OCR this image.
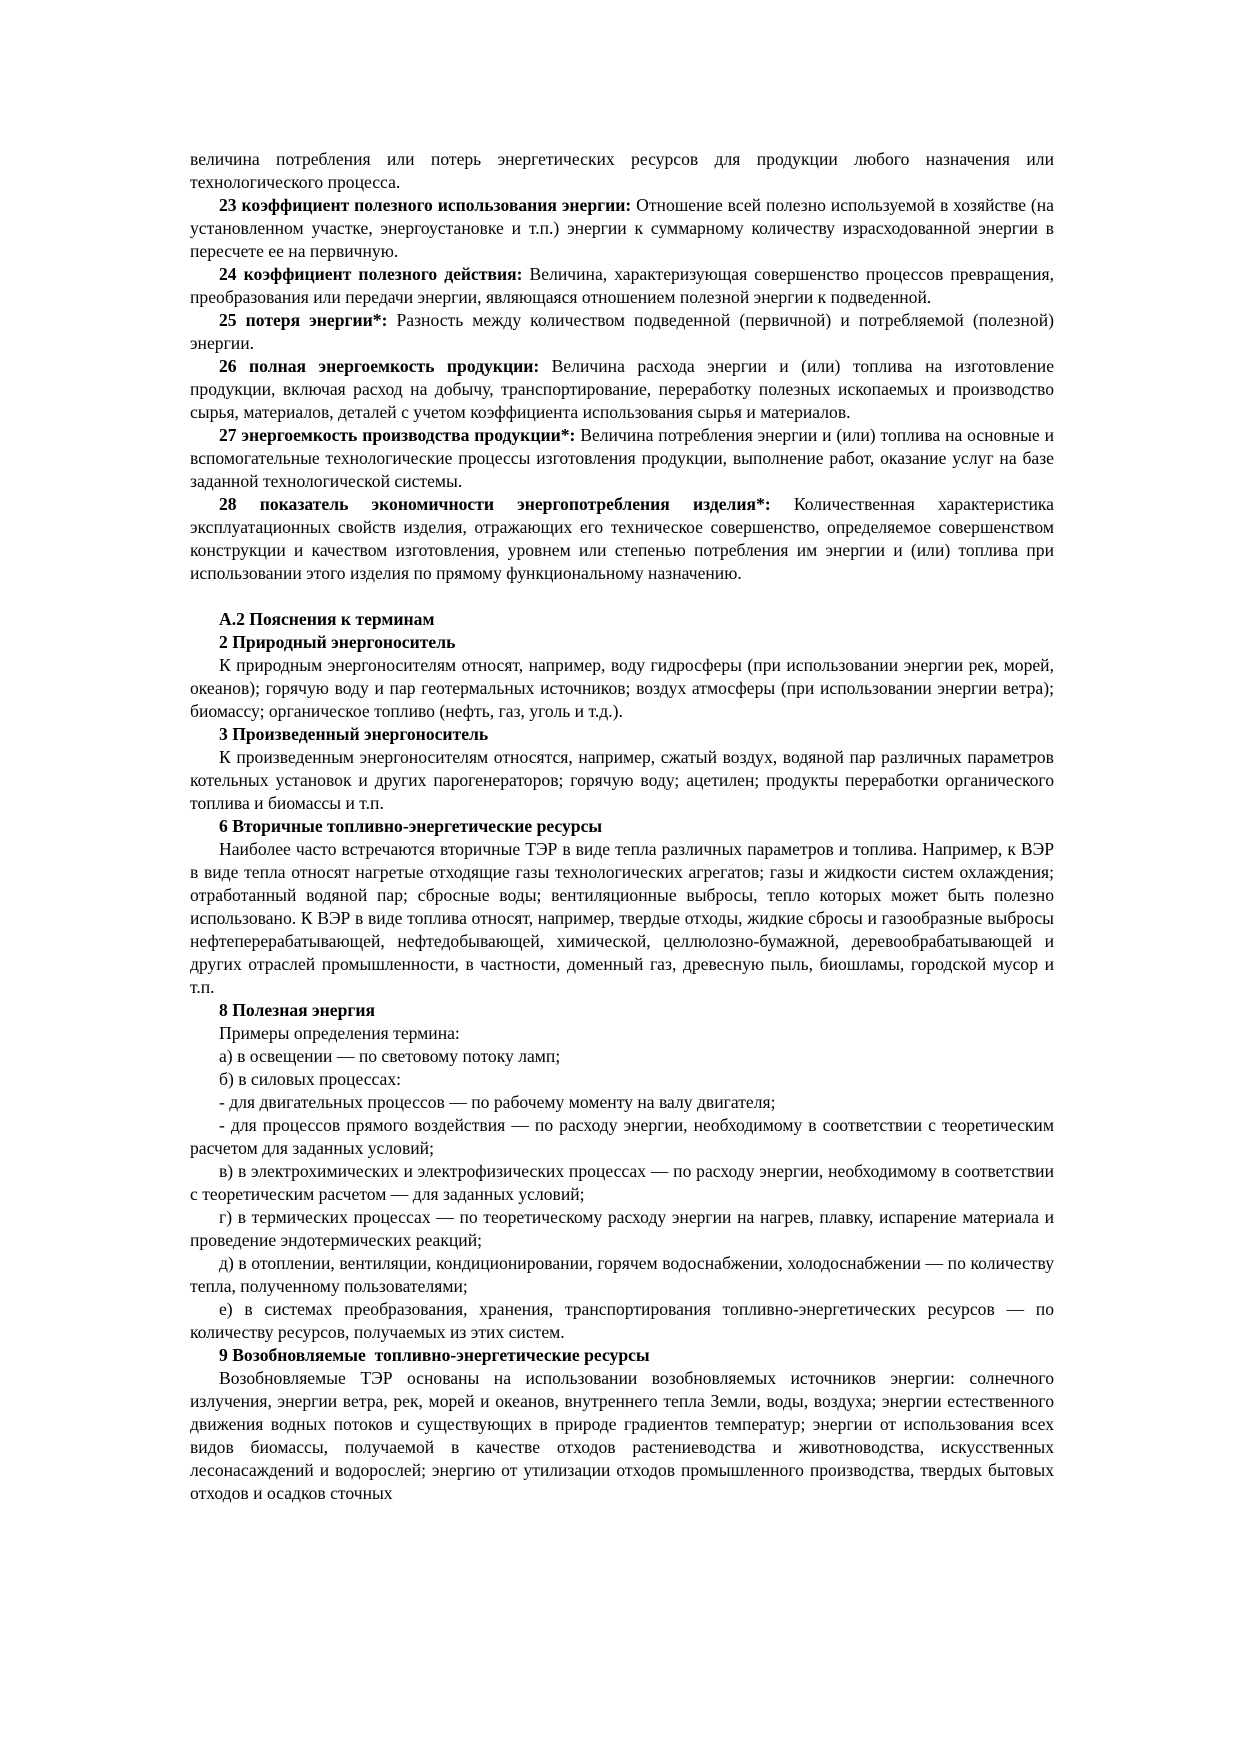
величина потребления или потерь энергетических ресурсов для продукции любого назначения или технологического процесса.

23 коэффициент полезного использования энергии: Отношение всей полезно используемой в хозяйстве (на установленном участке, энергоустановке и т.п.) энергии к суммарному количеству израсходованной энергии в пересчете ее на первичную.

24 коэффициент полезного действия: Величина, характеризующая совершенство процессов превращения, преобразования или передачи энергии, являющаяся отношением полезной энергии к подведенной.

25 потеря энергии*: Разность между количеством подведенной (первичной) и потребляемой (полезной) энергии.

26 полная энергоемкость продукции: Величина расхода энергии и (или) топлива на изготовление продукции, включая расход на добычу, транспортирование, переработку полезных ископаемых и производство сырья, материалов, деталей с учетом коэффициента использования сырья и материалов.

27 энергоемкость производства продукции*: Величина потребления энергии и (или) топлива на основные и вспомогательные технологические процессы изготовления продукции, выполнение работ, оказание услуг на базе заданной технологической системы.

28 показатель экономичности энергопотребления изделия*: Количественная характеристика эксплуатационных свойств изделия, отражающих его техническое совершенство, определяемое совершенством конструкции и качеством изготовления, уровнем или степенью потребления им энергии и (или) топлива при использовании этого изделия по прямому функциональному назначению.

А.2 Пояснения к терминам

2 Природный энергоноситель

К природным энергоносителям относят, например, воду гидросферы (при использовании энергии рек, морей, океанов); горячую воду и пар геотермальных источников; воздух атмосферы (при использовании энергии ветра); биомассу; органическое топливо (нефть, газ, уголь и т.д.).

3 Произведенный энергоноситель

К произведенным энергоносителям относятся, например, сжатый воздух, водяной пар различных параметров котельных установок и других парогенераторов; горячую воду; ацетилен; продукты переработки органического топлива и биомассы и т.п.

6 Вторичные топливно-энергетические ресурсы

Наиболее часто встречаются вторичные ТЭР в виде тепла различных параметров и топлива. Например, к ВЭР в виде тепла относят нагретые отходящие газы технологических агрегатов; газы и жидкости систем охлаждения; отработанный водяной пар; сбросные воды; вентиляционные выбросы, тепло которых может быть полезно использовано. К ВЭР в виде топлива относят, например, твердые отходы, жидкие сбросы и газообразные выбросы нефтеперерабатывающей, нефтедобывающей, химической, целлюлозно-бумажной, деревообрабатывающей и других отраслей промышленности, в частности, доменный газ, древесную пыль, биошламы, городской мусор и т.п.

8 Полезная энергия

Примеры определения термина:

а) в освещении — по световому потоку ламп;

б) в силовых процессах:

- для двигательных процессов — по рабочему моменту на валу двигателя;

- для процессов прямого воздействия — по расходу энергии, необходимому в соответствии с теоретическим расчетом для заданных условий;

в) в электрохимических и электрофизических процессах — по расходу энергии, необходимому в соответствии с теоретическим расчетом — для заданных условий;

г) в термических процессах — по теоретическому расходу энергии на нагрев, плавку, испарение материала и проведение эндотермических реакций;

д) в отоплении, вентиляции, кондиционировании, горячем водоснабжении, холодоснабжении — по количеству тепла, полученному пользователями;

е) в системах преобразования, хранения, транспортирования топливно-энергетических ресурсов — по количеству ресурсов, получаемых из этих систем.

9 Возобновляемые  топливно-энергетические ресурсы

Возобновляемые ТЭР основаны на использовании возобновляемых источников энергии: солнечного излучения, энергии ветра, рек, морей и океанов, внутреннего тепла Земли, воды, воздуха; энергии естественного движения водных потоков и существующих в природе градиентов температур; энергии от использования всех видов биомассы, получаемой в качестве отходов растениеводства и животноводства, искусственных лесонасаждений и водорослей; энергию от утилизации отходов промышленного производства, твердых бытовых отходов и осадков сточных
